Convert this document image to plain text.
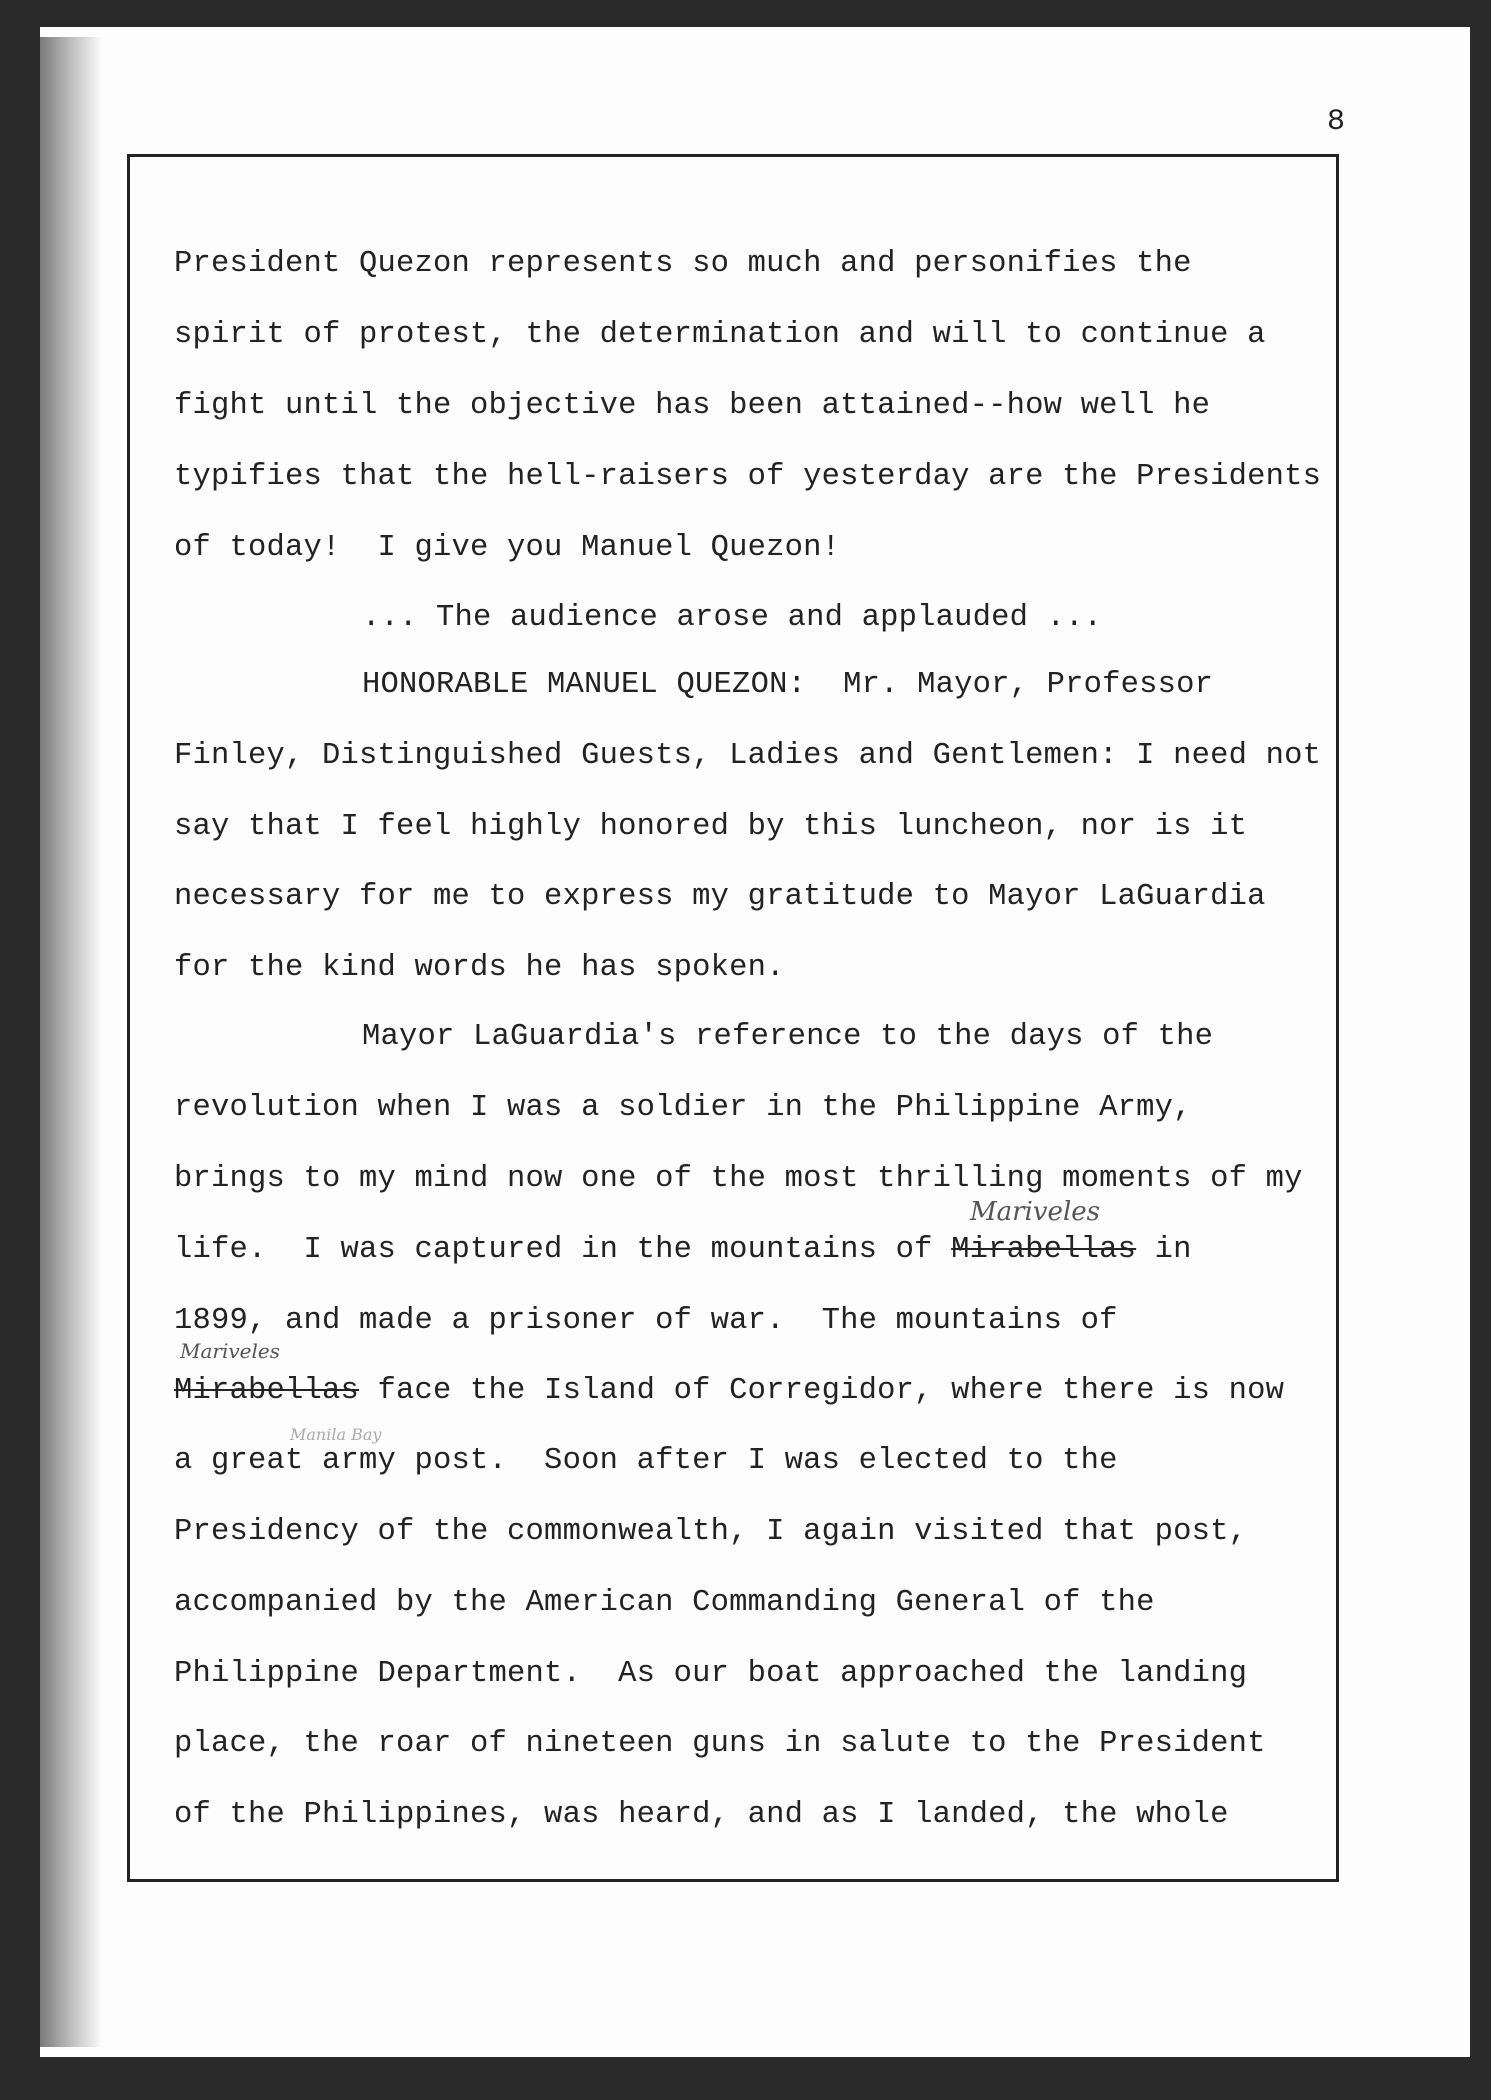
8
President Quezon represents so much and personifies the
spirit of protest, the determination and will to continue a
fight until the objective has been attained--how well he
typifies that the hell-raisers of yesterday are the Presidents
of today!  I give you Manuel Quezon!
... The audience arose and applauded ...
HONORABLE MANUEL QUEZON:  Mr. Mayor, Professor
Finley, Distinguished Guests, Ladies and Gentlemen: I need not
say that I feel highly honored by this luncheon, nor is it
necessary for me to express my gratitude to Mayor LaGuardia
for the kind words he has spoken.
Mayor LaGuardia's reference to the days of the
revolution when I was a soldier in the Philippine Army,
brings to my mind now one of the most thrilling moments of my
life.  I was captured in the mountains of Mirabellas in
Mariveles
1899, and made a prisoner of war.  The mountains of
Mariveles
Mirabellas face the Island of Corregidor, where there is now
Manila Bay
a great army post.  Soon after I was elected to the
Presidency of the commonwealth, I again visited that post,
accompanied by the American Commanding General of the
Philippine Department.  As our boat approached the landing
place, the roar of nineteen guns in salute to the President
of the Philippines, was heard, and as I landed, the whole
